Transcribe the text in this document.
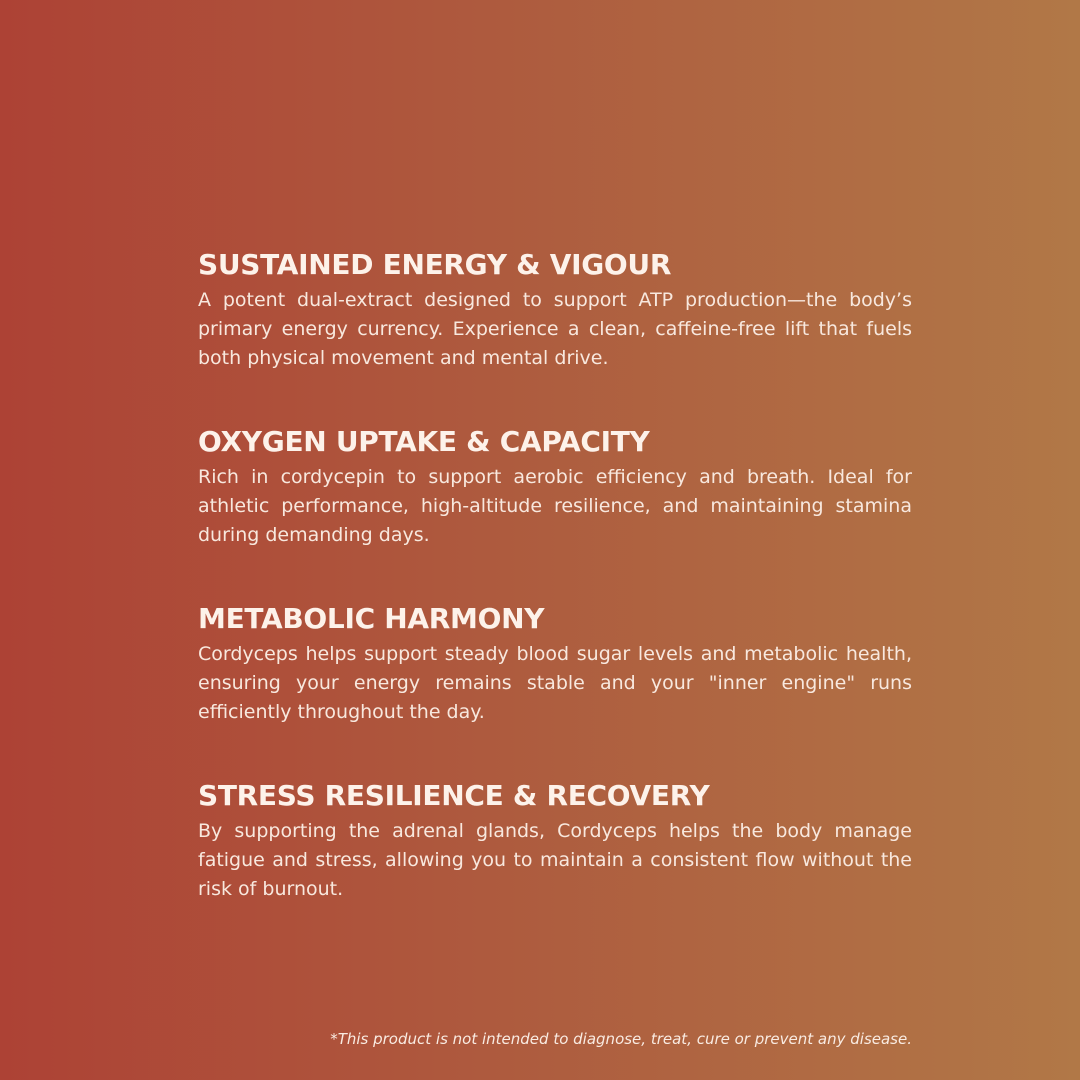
SUSTAINED ENERGY & VIGOUR

A potent dual-extract designed to support ATP production—the body’s primary energy currency. Experience a clean, caffeine-free lift that fuels both physical movement and mental drive.

OXYGEN UPTAKE & CAPACITY

Rich in cordycepin to support aerobic efficiency and breath. Ideal for athletic performance, high-altitude resilience, and maintaining stamina during demanding days.

METABOLIC HARMONY

Cordyceps helps support steady blood sugar levels and metabolic health, ensuring your energy remains stable and your "inner engine" runs efficiently throughout the day.

STRESS RESILIENCE & RECOVERY

By supporting the adrenal glands, Cordyceps helps the body manage fatigue and stress, allowing you to maintain a consistent flow without the risk of burnout.

*This product is not intended to diagnose, treat, cure or prevent any disease.
